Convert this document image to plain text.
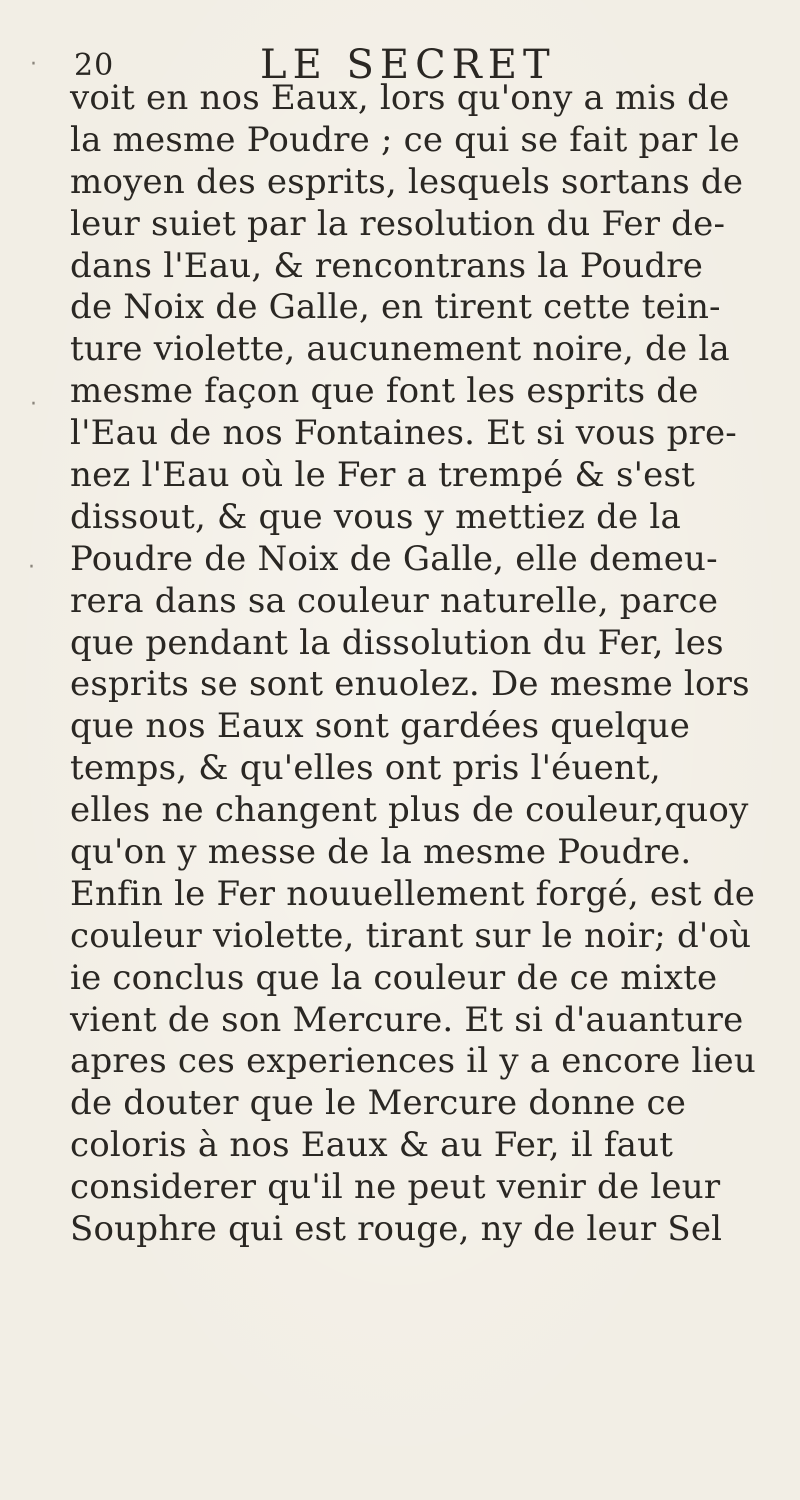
20	LE SECRET
·
·
·
voit en nos Eaux, lors qu'ony a mis de
la mesme Poudre ; ce qui se fait par le
moyen des esprits, lesquels sortans de
leur suiet par la resolution du Fer de-
dans l'Eau, & rencontrans la Poudre
de Noix de Galle, en tirent cette tein-
ture violette, aucunement noire, de la
mesme façon que font les esprits de
l'Eau de nos Fontaines. Et si vous pre-
nez l'Eau où le Fer a trempé & s'est
dissout, & que vous y mettiez de la
Poudre de Noix de Galle, elle demeu-
rera dans sa couleur naturelle, parce
que pendant la dissolution du Fer, les
esprits se sont enuolez. De mesme lors
que nos Eaux sont gardées quelque
temps, & qu'elles ont pris l'éuent,
elles ne changent plus de couleur,quoy
qu'on y messe de la mesme Poudre.
Enfin le Fer nouuellement forgé, est de
couleur violette, tirant sur le noir; d'où
ie conclus que la couleur de ce mixte
vient de son Mercure. Et si d'auanture
apres ces experiences il y a encore lieu
de douter que le Mercure donne ce
coloris à nos Eaux & au Fer, il faut
considerer qu'il ne peut venir de leur
Souphre qui est rouge, ny de leur Sel
